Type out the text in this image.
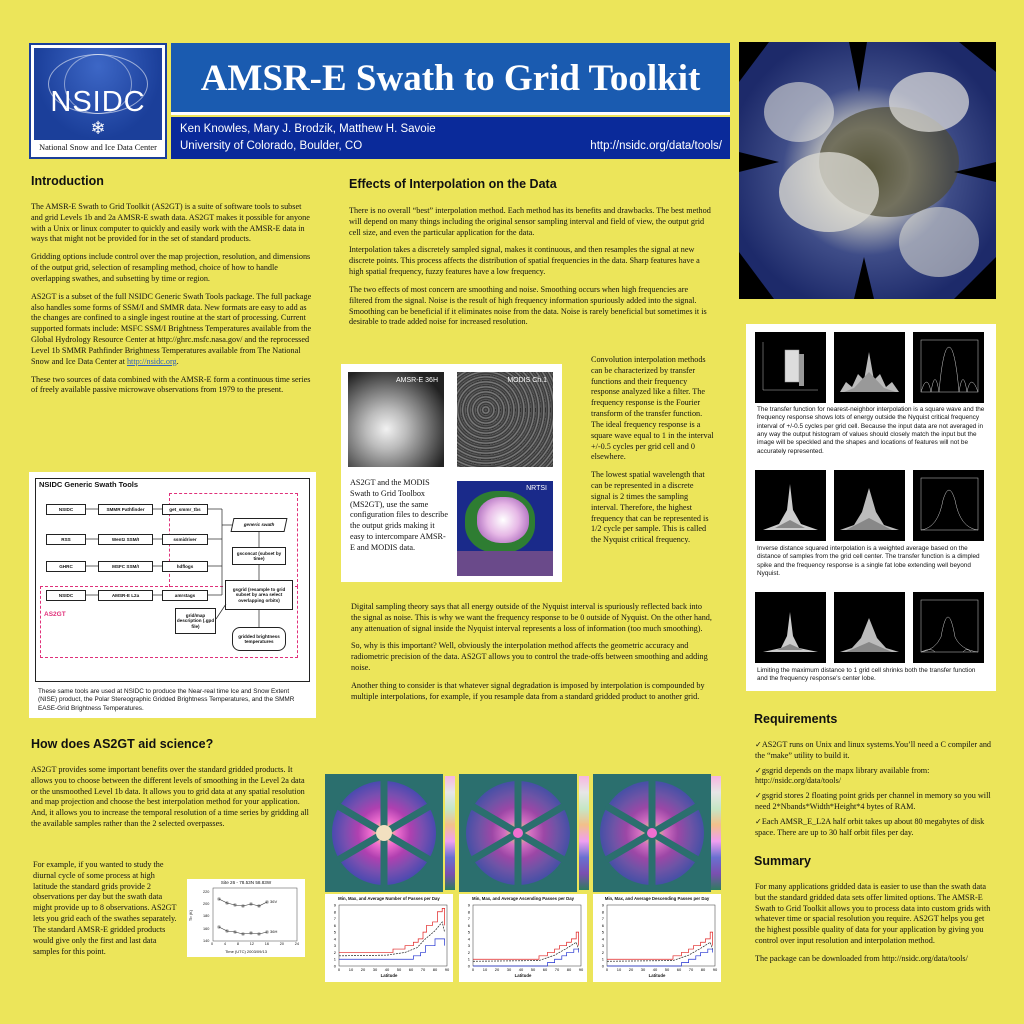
NSIDC
❄
National Snow and Ice Data Center
AMSR-E Swath to Grid Toolkit
Ken Knowles, Mary J. Brodzik, Matthew H. Savoie
University of Colorado, Boulder, CO	http://nsidc.org/data/tools/
Introduction

The AMSR-E Swath to Grid Toolkit (AS2GT) is a suite of software tools to subset and grid Levels 1b and 2a AMSR-E swath data. AS2GT makes it possible for anyone with a Unix or linux computer to quickly and easily work with the AMSR-E data in ways that might not be provided for in the set of standard products.

Gridding options include control over the map projection, resolution, and dimensions of the output grid, selection of resampling method, choice of how to handle overlapping swathes, and subsetting by time or region.

AS2GT is a subset of the full NSIDC Generic Swath Tools package. The full package also handles some forms of SSM/I and SMMR data. New formats are easy to add as the changes are confined to a single ingest routine at the start of processing. Current supported formats include: MSFC SSM/I Brightness Temperatures available from the Global Hydrology Resource Center at http://ghrc.msfc.nasa.gov/ and the reprocessed Level 1b SMMR Pathfinder Brightness Temperatures available from The National Snow and Ice Data Center at http://nsidc.org.

These two sources of data combined with the AMSR-E form a continuous time series of freely available passive microwave observations from 1979 to the present.

NSIDC Generic Swath Tools
AS2GT
NSIDC
RSS
GHRC
NSIDC
SMMR Pathfinder
Wentz SSM/I
MSFC SSM/I
AMSR-E L2a
get_smmr_tbs
ssmidriver
hdflogs
amrstags
generic swath
gsconcat (subset by time)
gsgrid (resample to grid subset by area select overlapping orbits)
grid/map description (.gpd file)
gridded brightness temperatures
These same tools are used at NSIDC to produce the Near-real time Ice and Snow Extent (NISE) product, the Polar Stereographic Gridded Brightness Temperatures, and the SMMR EASE-Grid Brightness Temperatures.
How does AS2GT aid science?
AS2GT provides some important benefits over the standard gridded products. It allows you to choose between the different levels of smoothing in the Level 2a data or the unsmoothed Level 1b data. It allows you to grid data at any spatial resolution and map projection and choose the best interpolation method for your application. And, it allows you to increase the temporal resolution of a time series by gridding all the available samples rather than the 2 selected overpasses.
For example, if you wanted to study the diurnal cycle of some process at high latitude the standard grids provide 2 observations per day but the swath data might provide up to 8 observations. AS2GT lets you grid each of the swathes separately. The standard AMSR-E gridded products would give only the first and last data samples for this point.
Site 26 - 78.53N 58.83W
36V
36H
Tb (K)
220
200
180
160
140
0	4	8	12	16	20	24
Time (UTC) 2003/09/13
Effects of Interpolation on the Data

There is no overall “best” interpolation method. Each method has its benefits and drawbacks. The best method will depend on many things including the original sensor sampling interval and field of view, the output grid cell size, and even the particular application for the data.

Interpolation takes a discretely sampled signal, makes it continuous, and then resamples the signal at new discrete points. This process affects the distribution of spatial frequencies in the data. Sharp features have a high spatial frequency, fuzzy features have a low frequency.

The two effects of most concern are smoothing and noise. Smoothing occurs when high frequencies are filtered from the signal. Noise is the result of high frequency information spuriously added into the signal. Smoothing can be beneficial if it eliminates noise from the data. Noise is rarely beneficial but sometimes it is desirable to trade added noise for increased resolution.

AMSR-E 36H	MODIS Ch.1
AS2GT and the MODIS Swath to Grid Toolbox (MS2GT), use the same configuration files to describe the output grids making it easy to intercompare AMSR-E and MODIS data.
NRTSI

Convolution interpolation methods can be characterized by transfer functions and their frequency response analyzed like a filter. The frequency response is the Fourier transform of the transfer function. The ideal frequency response is a square wave equal to 1 in the interval +/-0.5 cycles per grid cell and 0 elsewhere.

The lowest spatial wavelength that can be represented in a discrete signal is 2 times the sampling interval. Therefore, the highest frequency that can be represented is 1/2 cycle per sample. This is called the Nyquist critical frequency.

Digital sampling theory says that all energy outside of the Nyquist interval is spuriously reflected back into the signal as noise. This is why we want the frequency response to be 0 outside of Nyquist. On the other hand, any attenuation of signal inside the Nyquist interval represents a loss of information (too much smoothing).

So, why is this important? Well, obviously the interpolation method affects the geometric accuracy and radiometric precision of the data. AS2GT allows you to control the trade-offs between smoothing and adding noise.

Another thing to consider is that whatever signal degradation is imposed by interpolation is compounded by multiple interpolations, for example, if you resample data from a standard gridded product to another grid.

The transfer function for nearest-neighbor interpolation is a square wave and the frequency response shows lots of energy outside the Nyquist critical frequency interval of +/-0.5 cycles per grid cell. Because the input data are not averaged in any way the output histogram of values should closely match the input but the image will be speckled and the shapes and locations of features will not be accurately represented.
Inverse distance squared interpolation is a weighted average based on the distance of samples from the grid cell center. The transfer function is a dimpled spike and the frequency response is a single fat lobe extending well beyond Nyquist.
Limiting the maximum distance to 1 grid cell shrinks both the transfer function and the frequency response's center lobe.
Requirements

✓AS2GT runs on Unix and linux systems.You’ll need a C compiler and the “make” utility to build it.

✓gsgrid depends on the mapx library available from: http://nsidc.org/data/tools/

✓gsgrid stores 2 floating point grids per channel in memory so you will need 2*Nbands*Width*Height*4 bytes of RAM.

✓Each AMSR_E_L2A half orbit takes up about 80 megabytes of disk space. There are up to 30 half orbit files per day.

Summary

For many applications gridded data is easier to use than the swath data but the standard gridded data sets offer limited options. The AMSR-E Swath to Grid Toolkit allows you to process data into custom grids with whatever time or spacial resolution you require. AS2GT helps you get the highest possible quality of data for your application by giving you control over input resolution and interpolation method.

The package can be downloaded from http://nsidc.org/data/tools/

9
8
7
6
5
4
3
2
1
0
0 10 20 30 40 50 60 70 80 90
Min, Max, and Average Number of Passes per Day
Latitude
9
8
7
6
5
4
3
2
1
0
0 10 20 30 40 50 60 70 80 90
Min, Max, and Average Ascending Passes per Day
Latitude
9
8
7
6
5
4
3
2
1
0
0 10 20 30 40 50 60 70 80 90
Min, Max, and Average Descending Passes per Day
Latitude
